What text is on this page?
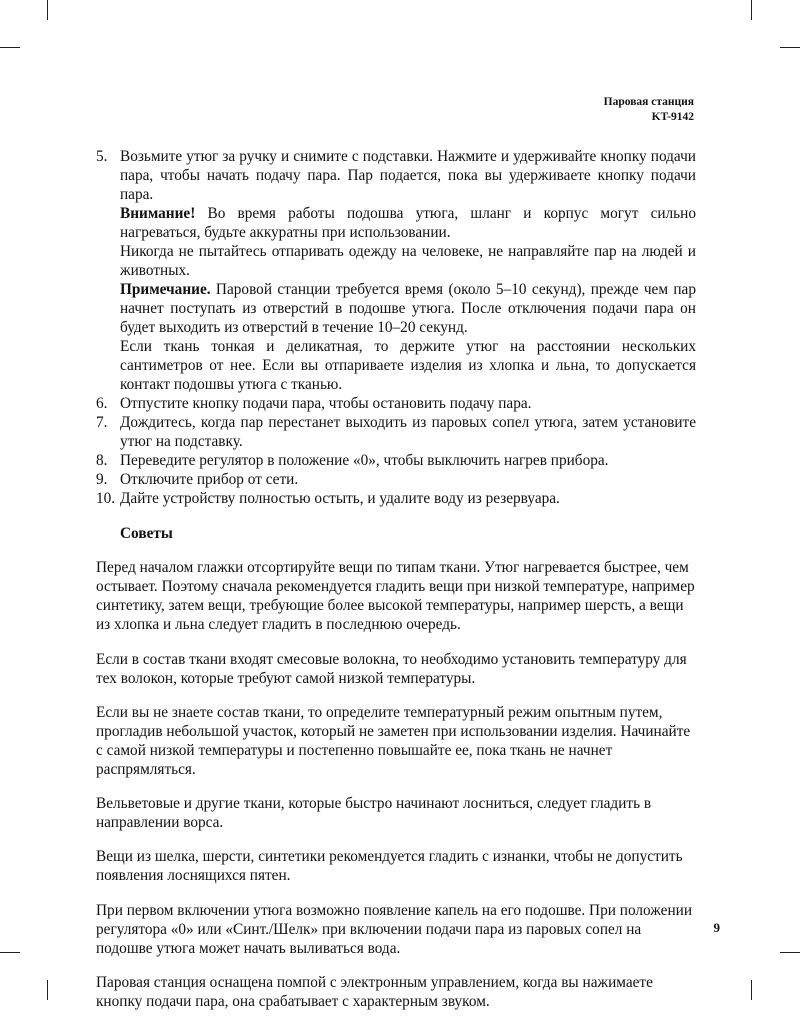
Паровая станция
KT-9142
5. Возьмите утюг за ручку и снимите с подставки. Нажмите и удерживайте кнопку подачи пара, чтобы начать подачу пара. Пар подается, пока вы удерживаете кнопку подачи пара.

Внимание! Во время работы подошва утюга, шланг и корпус могут сильно нагреваться, будьте аккуратны при использовании.

Никогда не пытайтесь отпаривать одежду на человеке, не направляйте пар на людей и животных.

Примечание. Паровой станции требуется время (около 5–10 секунд), прежде чем пар начнет поступать из отверстий в подошве утюга. После отключения подачи пара он будет выходить из отверстий в течение 10–20 секунд.

Если ткань тонкая и деликатная, то держите утюг на расстоянии нескольких сантиметров от нее. Если вы отпариваете изделия из хлопка и льна, то допускается контакт подошвы утюга с тканью.

6. Отпустите кнопку подачи пара, чтобы остановить подачу пара.

7. Дождитесь, когда пар перестанет выходить из паровых сопел утюга, затем установите утюг на подставку.

8. Переведите регулятор в положение «0», чтобы выключить нагрев прибора.

9. Отключите прибор от сети.

10. Дайте устройству полностью остыть, и удалите воду из резервуара.

Советы

Перед началом глажки отсортируйте вещи по типам ткани. Утюг нагревается быстрее, чем остывает. Поэтому сначала рекомендуется гладить вещи при низкой температуре, например синтетику, затем вещи, требующие более высокой температуры, например шерсть, а вещи из хлопка и льна следует гладить в последнюю очередь.

Если в состав ткани входят смесовые волокна, то необходимо установить температуру для тех волокон, которые требуют самой низкой температуры.

Если вы не знаете состав ткани, то определите температурный режим опытным путем, прогладив небольшой участок, который не заметен при использовании изделия. Начинайте с самой низкой температуры и постепенно повышайте ее, пока ткань не начнет распрямляться.

Вельветовые и другие ткани, которые быстро начинают лосниться, следует гладить в направлении ворса.

Вещи из шелка, шерсти, синтетики рекомендуется гладить с изнанки, чтобы не допустить появления лоснящихся пятен.

При первом включении утюга возможно появление капель на его подошве. При положении регулятора «0» или «Синт./Шелк» при включении подачи пара из паровых сопел на подошве утюга может начать выливаться вода.

Паровая станция оснащена помпой с электронным управлением, когда вы нажимаете кнопку подачи пара, она срабатывает с характерным звуком.

9
